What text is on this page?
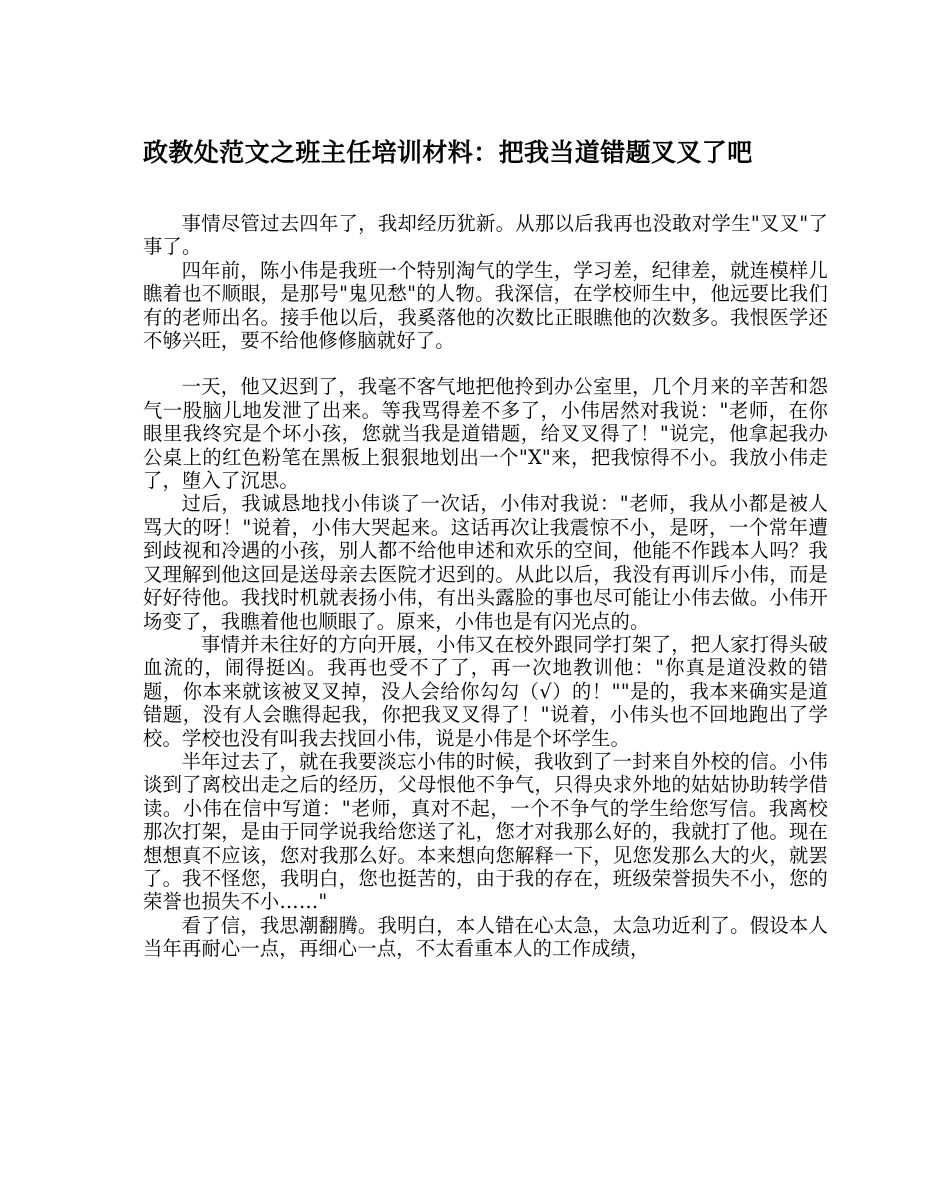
政教处范文之班主任培训材料：把我当道错题叉叉了吧

事情尽管过去四年了，我却经历犹新。从那以后我再也没敢对学生"叉叉"了事了。

四年前，陈小伟是我班一个特别淘气的学生，学习差，纪律差，就连模样儿瞧着也不顺眼，是那号"鬼见愁"的人物。我深信，在学校师生中，他远要比我们有的老师出名。接手他以后，我奚落他的次数比正眼瞧他的次数多。我恨医学还不够兴旺，要不给他修修脑就好了。

一天，他又迟到了，我毫不客气地把他拎到办公室里，几个月来的辛苦和怨气一股脑儿地发泄了出来。等我骂得差不多了，小伟居然对我说："老师，在你眼里我终究是个坏小孩，您就当我是道错题，给叉叉得了！"说完，他拿起我办公桌上的红色粉笔在黑板上狠狠地划出一个"X"来，把我惊得不小。我放小伟走了，堕入了沉思。

过后，我诚恳地找小伟谈了一次话，小伟对我说："老师，我从小都是被人骂大的呀！"说着，小伟大哭起来。这话再次让我震惊不小，是呀，一个常年遭到歧视和冷遇的小孩，别人都不给他申述和欢乐的空间，他能不作践本人吗？我又理解到他这回是送母亲去医院才迟到的。从此以后，我没有再训斥小伟，而是好好待他。我找时机就表扬小伟，有出头露脸的事也尽可能让小伟去做。小伟开场变了，我瞧着他也顺眼了。原来，小伟也是有闪光点的。

事情并未往好的方向开展，小伟又在校外跟同学打架了，把人家打得头破血流的，闹得挺凶。我再也受不了了，再一次地教训他："你真是道没救的错题，你本来就该被叉叉掉，没人会给你勾勾（√）的！""是的，我本来确实是道错题，没有人会瞧得起我，你把我叉叉得了！"说着，小伟头也不回地跑出了学校。学校也没有叫我去找回小伟，说是小伟是个坏学生。

半年过去了，就在我要淡忘小伟的时候，我收到了一封来自外校的信。小伟谈到了离校出走之后的经历，父母恨他不争气，只得央求外地的姑姑协助转学借读。小伟在信中写道："老师，真对不起，一个不争气的学生给您写信。我离校那次打架，是由于同学说我给您送了礼，您才对我那么好的，我就打了他。现在想想真不应该，您对我那么好。本来想向您解释一下，见您发那么大的火，就罢了。我不怪您，我明白，您也挺苦的，由于我的存在，班级荣誉损失不小，您的荣誉也损失不小……"

看了信，我思潮翻腾。我明白，本人错在心太急，太急功近利了。假设本人当年再耐心一点，再细心一点，不太看重本人的工作成绩，
